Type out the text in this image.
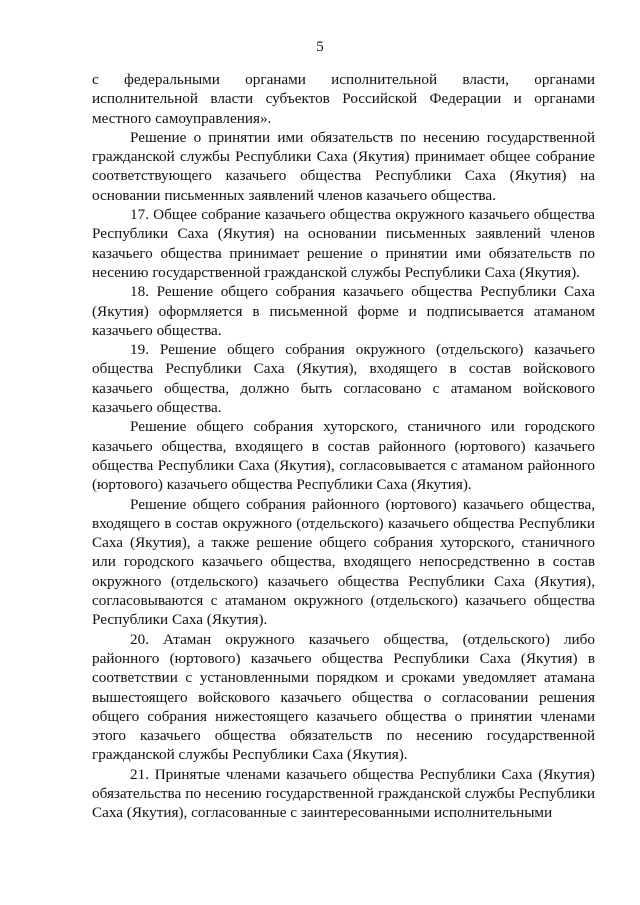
5

с федеральными органами исполнительной власти, органами исполнительной власти субъектов Российской Федерации и органами местного самоуправления».

Решение о принятии ими обязательств по несению государственной гражданской службы Республики Саха (Якутия) принимает общее собрание соответствующего казачьего общества Республики Саха (Якутия) на основании письменных заявлений членов казачьего общества.

17. Общее собрание казачьего общества окружного казачьего общества Республики Саха (Якутия) на основании письменных заявлений членов казачьего общества принимает решение о принятии ими обязательств по несению государственной гражданской службы Республики Саха (Якутия).

18. Решение общего собрания казачьего общества Республики Саха (Якутия) оформляется в письменной форме и подписывается атаманом казачьего общества.

19. Решение общего собрания окружного (отдельского) казачьего общества Республики Саха (Якутия), входящего в состав войскового казачьего общества, должно быть согласовано с атаманом войскового казачьего общества.

Решение общего собрания хуторского, станичного или городского казачьего общества, входящего в состав районного (юртового) казачьего общества Республики Саха (Якутия), согласовывается с атаманом районного (юртового) казачьего общества Республики Саха (Якутия).

Решение общего собрания районного (юртового) казачьего общества, входящего в состав окружного (отдельского) казачьего общества Республики Саха (Якутия), а также решение общего собрания хуторского, станичного или городского казачьего общества, входящего непосредственно в состав окружного (отдельского) казачьего общества Республики Саха (Якутия), согласовываются с атаманом окружного (отдельского) казачьего общества Республики Саха (Якутия).

20. Атаман окружного казачьего общества, (отдельского) либо районного (юртового) казачьего общества Республики Саха (Якутия) в соответствии с установленными порядком и сроками уведомляет атамана вышестоящего войскового казачьего общества о согласовании решения общего собрания нижестоящего казачьего общества о принятии членами этого казачьего общества обязательств по несению государственной гражданской службы Республики Саха (Якутия).

21. Принятые членами казачьего общества Республики Саха (Якутия) обязательства по несению государственной гражданской службы Республики Саха (Якутия), согласованные с заинтересованными исполнительными
